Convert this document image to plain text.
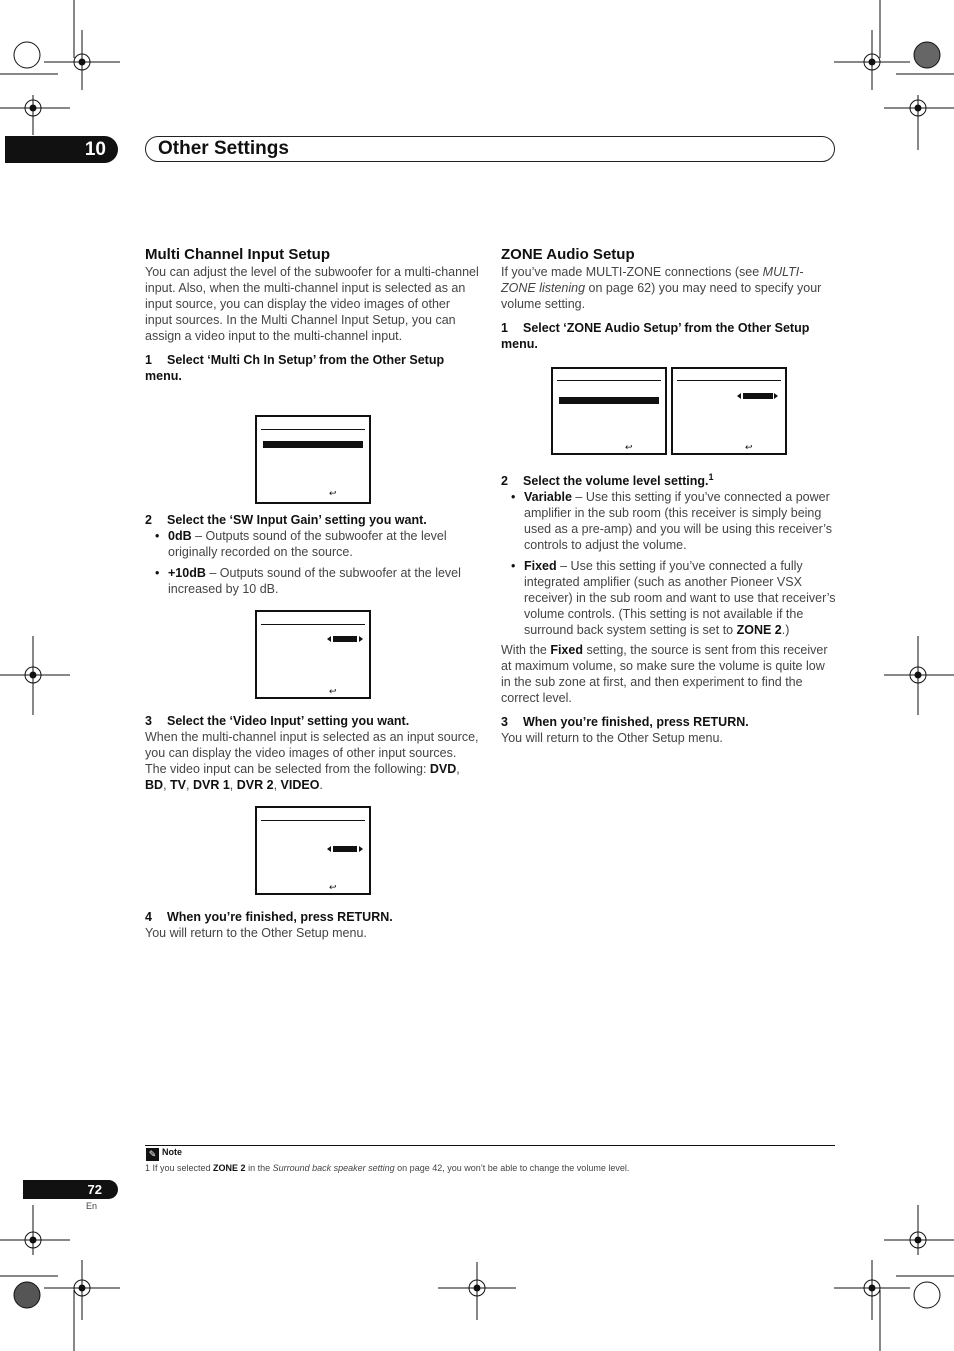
10	Other Settings
Multi Channel Input Setup

You can adjust the level of the subwoofer for a multi-channel input. Also, when the multi-channel input is selected as an input source, you can display the video images of other input sources. In the Multi Channel Input Setup, you can assign a video input to the multi-channel input.

1 Select ‘Multi Ch In Setup’ from the Other Setup menu.
↩
2 Select the ‘SW Input Gain’ setting you want.
• 0dB – Outputs sound of the subwoofer at the level originally recorded on the source.
• +10dB – Outputs sound of the subwoofer at the level increased by 10 dB.
↩
3 Select the ‘Video Input’ setting you want.

When the multi-channel input is selected as an input source, you can display the video images of other input sources. The video input can be selected from the following: DVD, BD, TV, DVR 1, DVR 2, VIDEO.

↩
4 When you’re finished, press RETURN.

You will return to the Other Setup menu.

ZONE Audio Setup

If you’ve made MULTI-ZONE connections (see MULTI-ZONE listening on page 62) you may need to specify your volume setting.

1 Select ‘ZONE Audio Setup’ from the Other Setup menu.
↩	↩
2 Select the volume level setting.$^1$
• Variable – Use this setting if you’ve connected a power amplifier in the sub room (this receiver is simply being used as a pre-amp) and you will be using this receiver’s controls to adjust the volume.
• Fixed – Use this setting if you’ve connected a fully integrated amplifier (such as another Pioneer VSX receiver) in the sub room and want to use that receiver’s volume controls. (This setting is not available if the surround back system setting is set to ZONE 2.)

With the Fixed setting, the source is sent from this receiver at maximum volume, so make sure the volume is quite low in the sub zone at first, and then experiment to find the correct level.

3 When you’re finished, press RETURN.

You will return to the Other Setup menu.

✎ Note
1 If you selected ZONE 2 in the Surround back speaker setting on page 42, you won’t be able to change the volume level.
72
En
